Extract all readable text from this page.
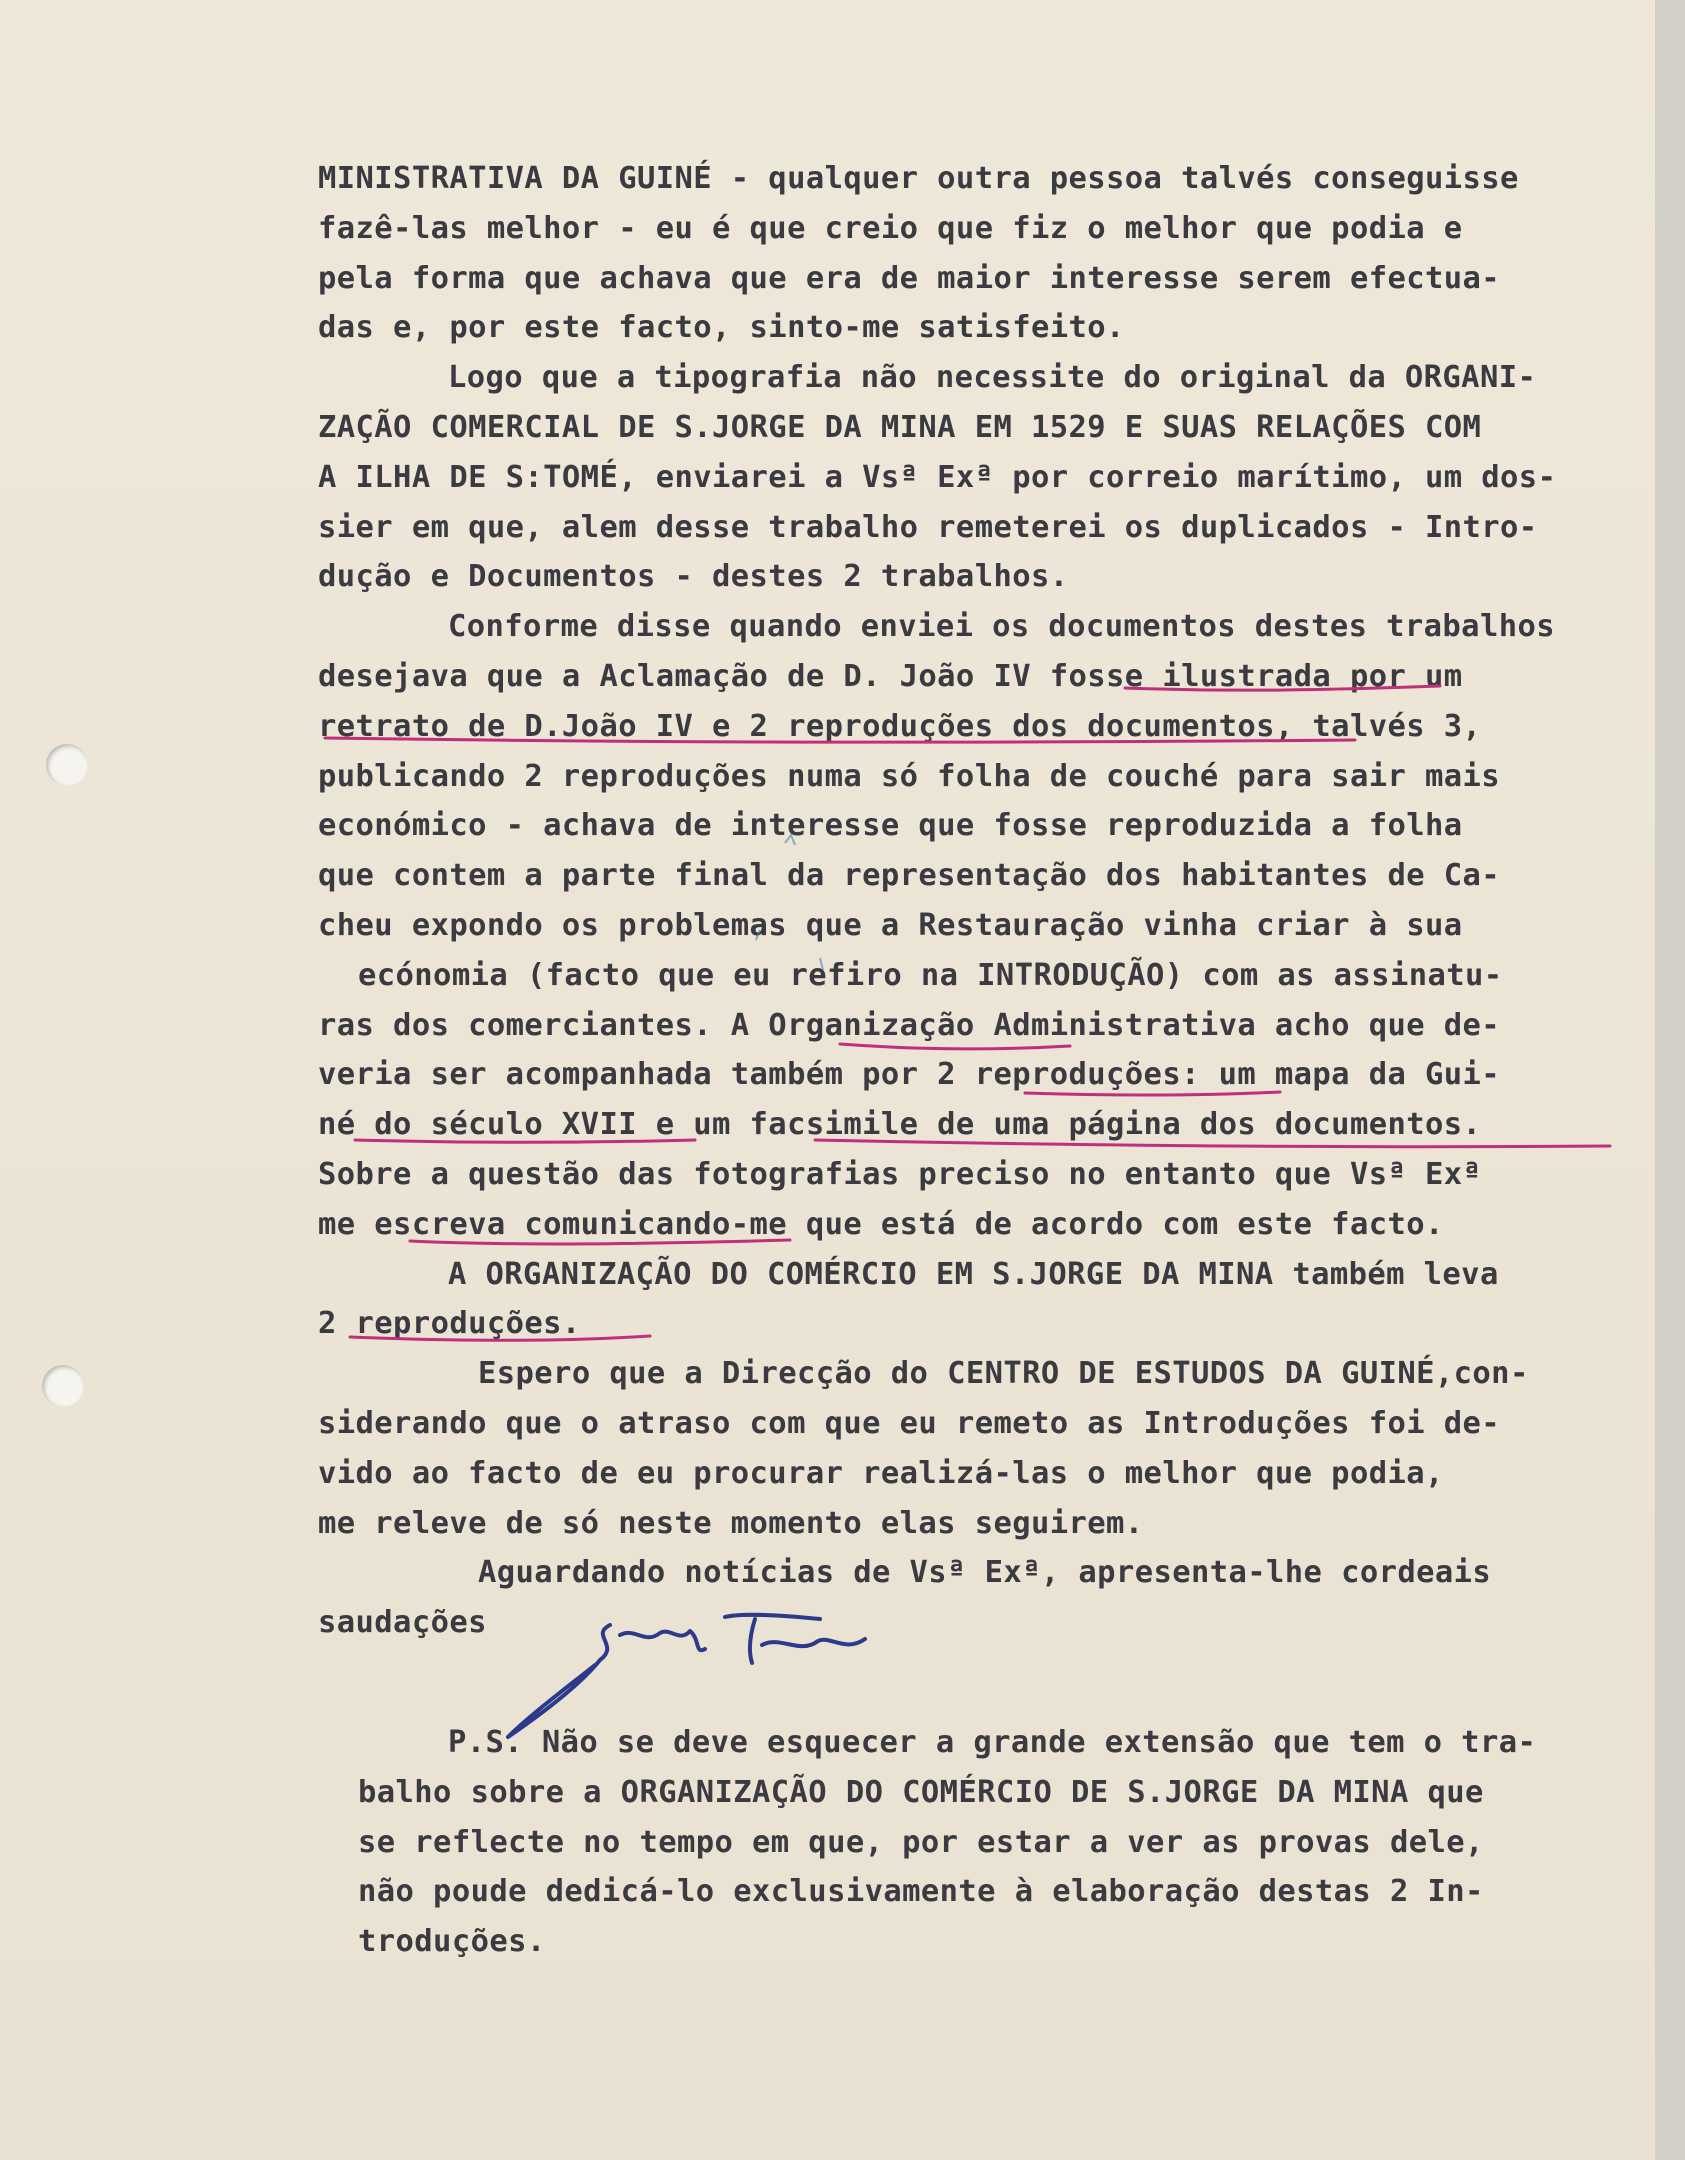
MINISTRATIVA DA GUINÉ - qualquer outra pessoa talvés conseguisse
fazê-las melhor - eu é que creio que fiz o melhor que podia e
pela forma que achava que era de maior interesse serem efectua-
das e, por este facto, sinto-me satisfeito.
Logo que a tipografia não necessite do original da ORGANI-
ZAÇÃO COMERCIAL DE S.JORGE DA MINA EM 1529 E SUAS RELAÇÕES COM
A ILHA DE S:TOMÉ, enviarei a Vsª Exª por correio marítimo, um dos-
sier em que, alem desse trabalho remeterei os duplicados - Intro-
dução e Documentos - destes 2 trabalhos.
Conforme disse quando enviei os documentos destes trabalhos
desejava que a Aclamação de D. João IV fosse ilustrada por um
retrato de D.João IV e 2 reproduções dos documentos, talvés 3,
publicando 2 reproduções numa só folha de couché para sair mais
económico - achava de interesse que fosse reproduzida a folha
que contem a parte final da representação dos habitantes de Ca-
cheu expondo os problemas que a Restauração vinha criar à sua
ecónomia (facto que eu refiro na INTRODUÇÃO) com as assinatu-
ras dos comerciantes. A Organização Administrativa acho que de-
veria ser acompanhada também por 2 reproduções: um mapa da Gui-
né do século XVII e um facsimile de uma página dos documentos.
Sobre a questão das fotografias preciso no entanto que Vsª Exª
me escreva comunicando-me que está de acordo com este facto.
A ORGANIZAÇÃO DO COMÉRCIO EM S.JORGE DA MINA também leva
2 reproduções.
Espero que a Direcção do CENTRO DE ESTUDOS DA GUINÉ,con-
siderando que o atraso com que eu remeto as Introduções foi de-
vido ao facto de eu procurar realizá-las o melhor que podia,
me releve de só neste momento elas seguirem.
Aguardando notícias de Vsª Exª, apresenta-lhe cordeais
saudações
P.S. Não se deve esquecer a grande extensão que tem o tra-
balho sobre a ORGANIZAÇÃO DO COMÉRCIO DE S.JORGE DA MINA que
se reflecte no tempo em que, por estar a ver as provas dele,
não poude dedicá-lo exclusivamente à elaboração destas 2 In-
troduções.
